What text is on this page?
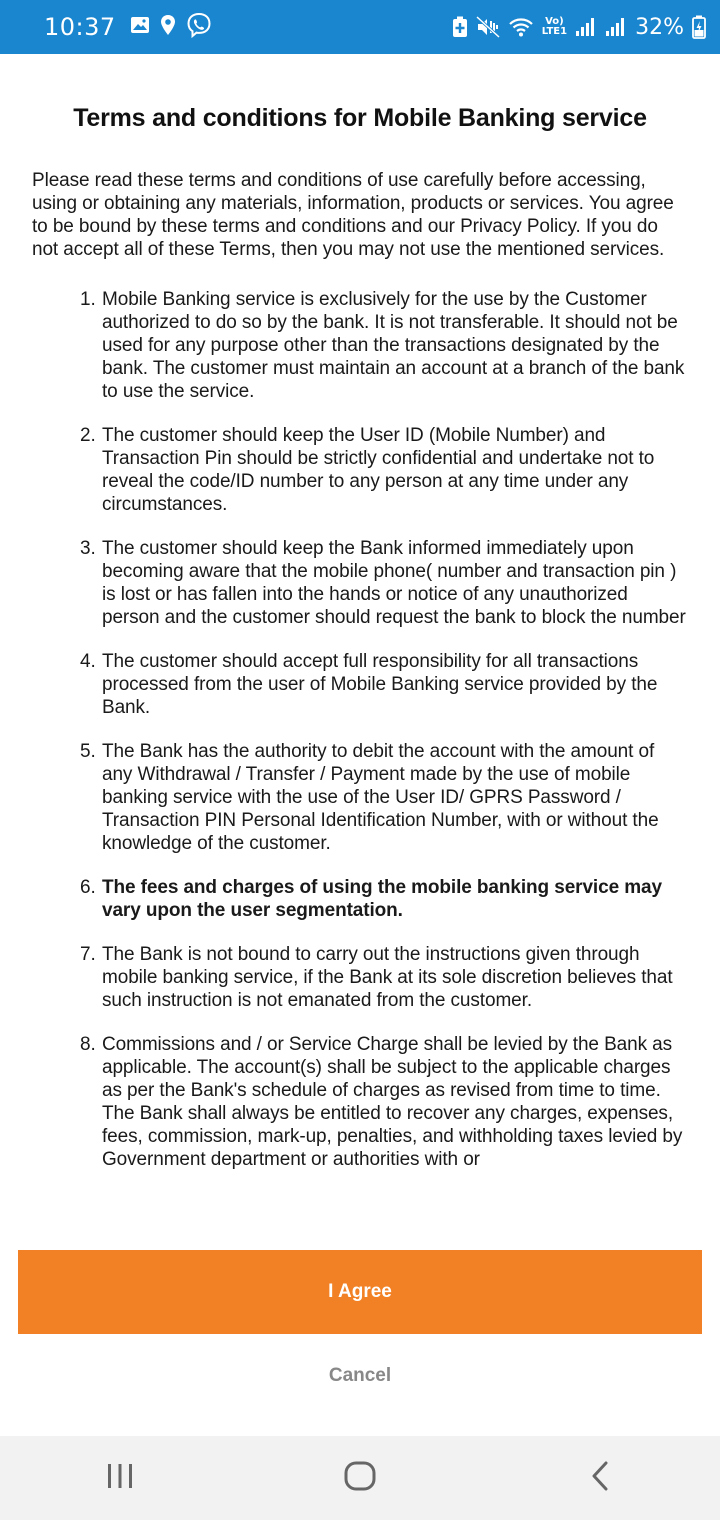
10:37	Vo)
LTE1	32%
Terms and conditions for Mobile Banking service

Please read these terms and conditions of use carefully before accessing, using or obtaining any materials, information, products or services. You agree to be bound by these terms and conditions and our Privacy Policy. If you do not accept all of these Terms, then you may not use the mentioned services.

1. Mobile Banking service is exclusively for the use by the Customer authorized to do so by the bank. It is not transferable. It should not be used for any purpose other than the transactions designated by the bank. The customer must maintain an account at a branch of the bank to use the service.
2. The customer should keep the User ID (Mobile Number) and Transaction Pin should be strictly confidential and undertake not to reveal the code/ID number to any person at any time under any circumstances.
3. The customer should keep the Bank informed immediately upon becoming aware that the mobile phone( number and transaction pin ) is lost or has fallen into the hands or notice of any unauthorized person and the customer should request the bank to block the number
4. The customer should accept full responsibility for all transactions processed from the user of Mobile Banking service provided by the Bank.
5. The Bank has the authority to debit the account with the amount of any Withdrawal / Transfer / Payment made by the use of mobile banking service with the use of the User ID/ GPRS Password / Transaction PIN Personal Identification Number, with or without the knowledge of the customer.
6. The fees and charges of using the mobile banking service may vary upon the user segmentation.
7. The Bank is not bound to carry out the instructions given through mobile banking service, if the Bank at its sole discretion believes that such instruction is not emanated from the customer.
8. Commissions and / or Service Charge shall be levied by the Bank as applicable. The account(s) shall be subject to the applicable charges as per the Bank's schedule of charges as revised from time to time. The Bank shall always be entitled to recover any charges, expenses, fees, commission, mark-up, penalties, and withholding taxes levied by Government department or authorities with or
I Agree
Cancel
